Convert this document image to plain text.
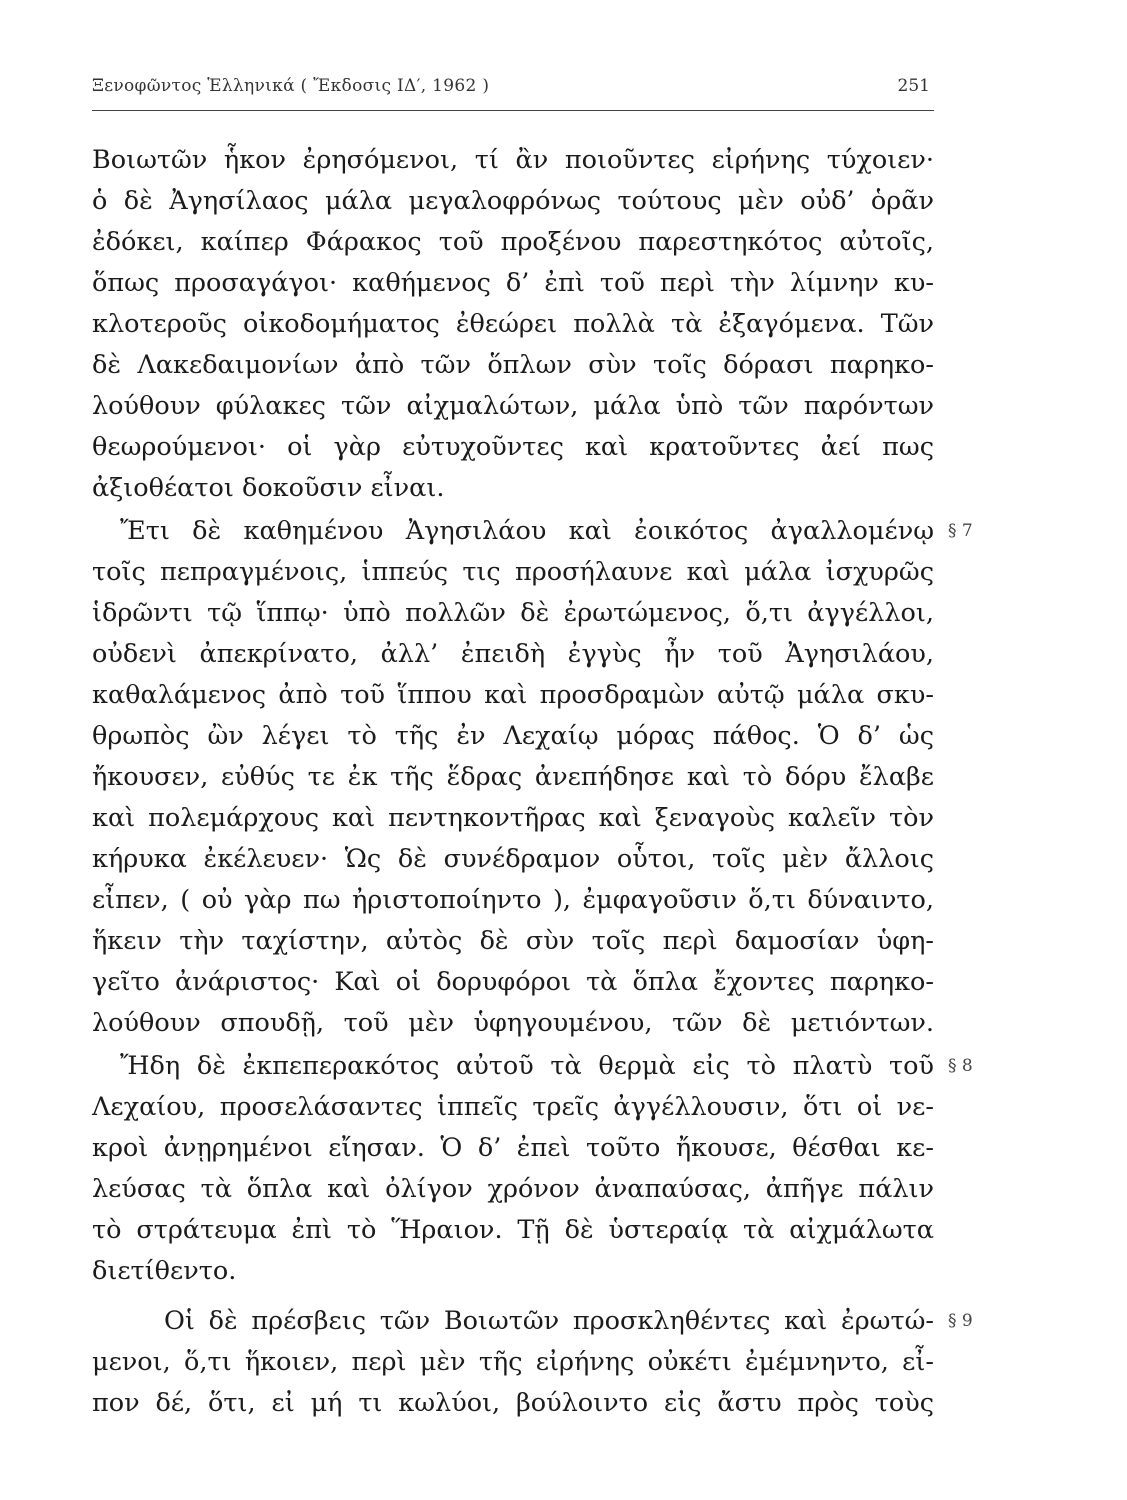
Ξενοφῶντος Ἑλληνικά ( Ἔκδοσις ΙΔ′, 1962 )	251
Βοιωτῶν ἧκον ἐρησόμενοι, τί ἂν ποιοῦντες εἰρήνης τύχοιεν·
ὁ δὲ Ἀγησίλαος μάλα μεγαλοφρόνως τούτους μὲν οὐδ’ ὁρᾶν
ἐδόκει, καίπερ Φάρακος τοῦ προξένου παρεστηκότος αὐτοῖς,
ὅπως προσαγάγοι· καθήμενος δ’ ἐπὶ τοῦ περὶ τὴν λίμνην κυ-
κλοτεροῦς οἰκοδομήματος ἐθεώρει πολλὰ τὰ ἐξαγόμενα. Τῶν
δὲ Λακεδαιμονίων ἀπὸ τῶν ὅπλων σὺν τοῖς δόρασι παρηκο-
λούθουν φύλακες τῶν αἰχμαλώτων, μάλα ὑπὸ τῶν παρόντων
θεωρούμενοι· οἱ γὰρ εὐτυχοῦντες καὶ κρατοῦντες ἀεί πως
ἀξιοθέατοι δοκοῦσιν εἶναι.
Ἔτι δὲ καθημένου Ἀγησιλάου καὶ ἐοικότος ἀγαλλομένῳ
τοῖς πεπραγμένοις, ἱππεύς τις προσήλαυνε καὶ μάλα ἰσχυρῶς
ἱδρῶντι τῷ ἵππῳ· ὑπὸ πολλῶν δὲ ἐρωτώμενος, ὅ,τι ἀγγέλλοι,
οὐδενὶ ἀπεκρίνατο, ἀλλ’ ἐπειδὴ ἐγγὺς ἦν τοῦ Ἀγησιλάου,
καθαλάμενος ἀπὸ τοῦ ἵππου καὶ προσδραμὼν αὐτῷ μάλα σκυ-
θρωπὸς ὢν λέγει τὸ τῆς ἐν Λεχαίῳ μόρας πάθος. Ὁ δ’ ὡς
ἤκουσεν, εὐθύς τε ἐκ τῆς ἕδρας ἀνεπήδησε καὶ τὸ δόρυ ἔλαβε
καὶ πολεμάρχους καὶ πεντηκοντῆρας καὶ ξεναγοὺς καλεῖν τὸν
κήρυκα ἐκέλευεν· Ὡς δὲ συνέδραμον οὗτοι, τοῖς μὲν ἄλλοις
εἶπεν, ( οὐ γὰρ πω ἠριστοποίηντο ), ἐμφαγοῦσιν ὅ,τι δύναιντο,
ἥκειν τὴν ταχίστην, αὐτὸς δὲ σὺν τοῖς περὶ δαμοσίαν ὑφη-
γεῖτο ἀνάριστος· Καὶ οἱ δορυφόροι τὰ ὅπλα ἔχοντες παρηκο-
λούθουν σπουδῇ, τοῦ μὲν ὑφηγουμένου, τῶν δὲ μετιόντων.
Ἤδη δὲ ἐκπεπερακότος αὐτοῦ τὰ θερμὰ εἰς τὸ πλατὺ τοῦ
Λεχαίου, προσελάσαντες ἱππεῖς τρεῖς ἀγγέλλουσιν, ὅτι οἱ νε-
κροὶ ἀνῃρημένοι εἴησαν. Ὁ δ’ ἐπεὶ τοῦτο ἤκουσε, θέσθαι κε-
λεύσας τὰ ὅπλα καὶ ὀλίγον χρόνον ἀναπαύσας, ἀπῆγε πάλιν
τὸ στράτευμα ἐπὶ τὸ Ἥραιον. Τῇ δὲ ὑστεραίᾳ τὰ αἰχμάλωτα
διετίθεντο.
Οἱ δὲ πρέσβεις τῶν Βοιωτῶν προσκληθέντες καὶ ἐρωτώ-
μενοι, ὅ,τι ἥκοιεν, περὶ μὲν τῆς εἰρήνης οὐκέτι ἐμέμνηντο, εἶ-
πον δέ, ὅτι, εἰ μή τι κωλύοι, βούλοιντο εἰς ἄστυ πρὸς τοὺς
§ 7
§ 8
§ 9
